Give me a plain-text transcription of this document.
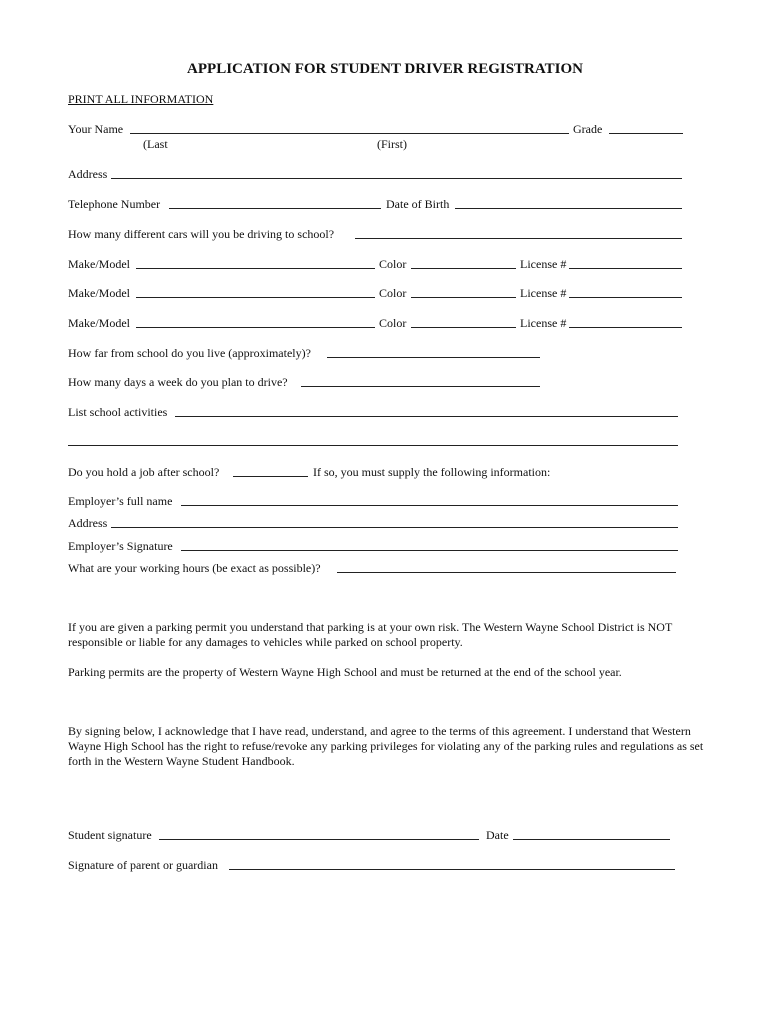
APPLICATION FOR STUDENT DRIVER REGISTRATION
PRINT ALL INFORMATION
Your Name	Grade
(Last	(First)
Address
Telephone Number	Date of Birth
How many different cars will you be driving to school?
Make/Model	Color	License #
Make/Model	Color	License #
Make/Model	Color	License #
How far from school do you live (approximately)?
How many days a week do you plan to drive?
List school activities
Do you hold a job after school?	If so, you must supply the following information:
Employer’s full name
Address
Employer’s Signature
What are your working hours (be exact as possible)?
If you are given a parking permit you understand that parking is at your own risk. The Western Wayne School District is NOT responsible or liable for any damages to vehicles while parked on school property.
Parking permits are the property of Western Wayne High School and must be returned at the end of the school year.
By signing below, I acknowledge that I have read, understand, and agree to the terms of this agreement. I understand that Western Wayne High School has the right to refuse/revoke any parking privileges for violating any of the parking rules and regulations as set forth in the Western Wayne Student Handbook.
Student signature	Date
Signature of parent or guardian
